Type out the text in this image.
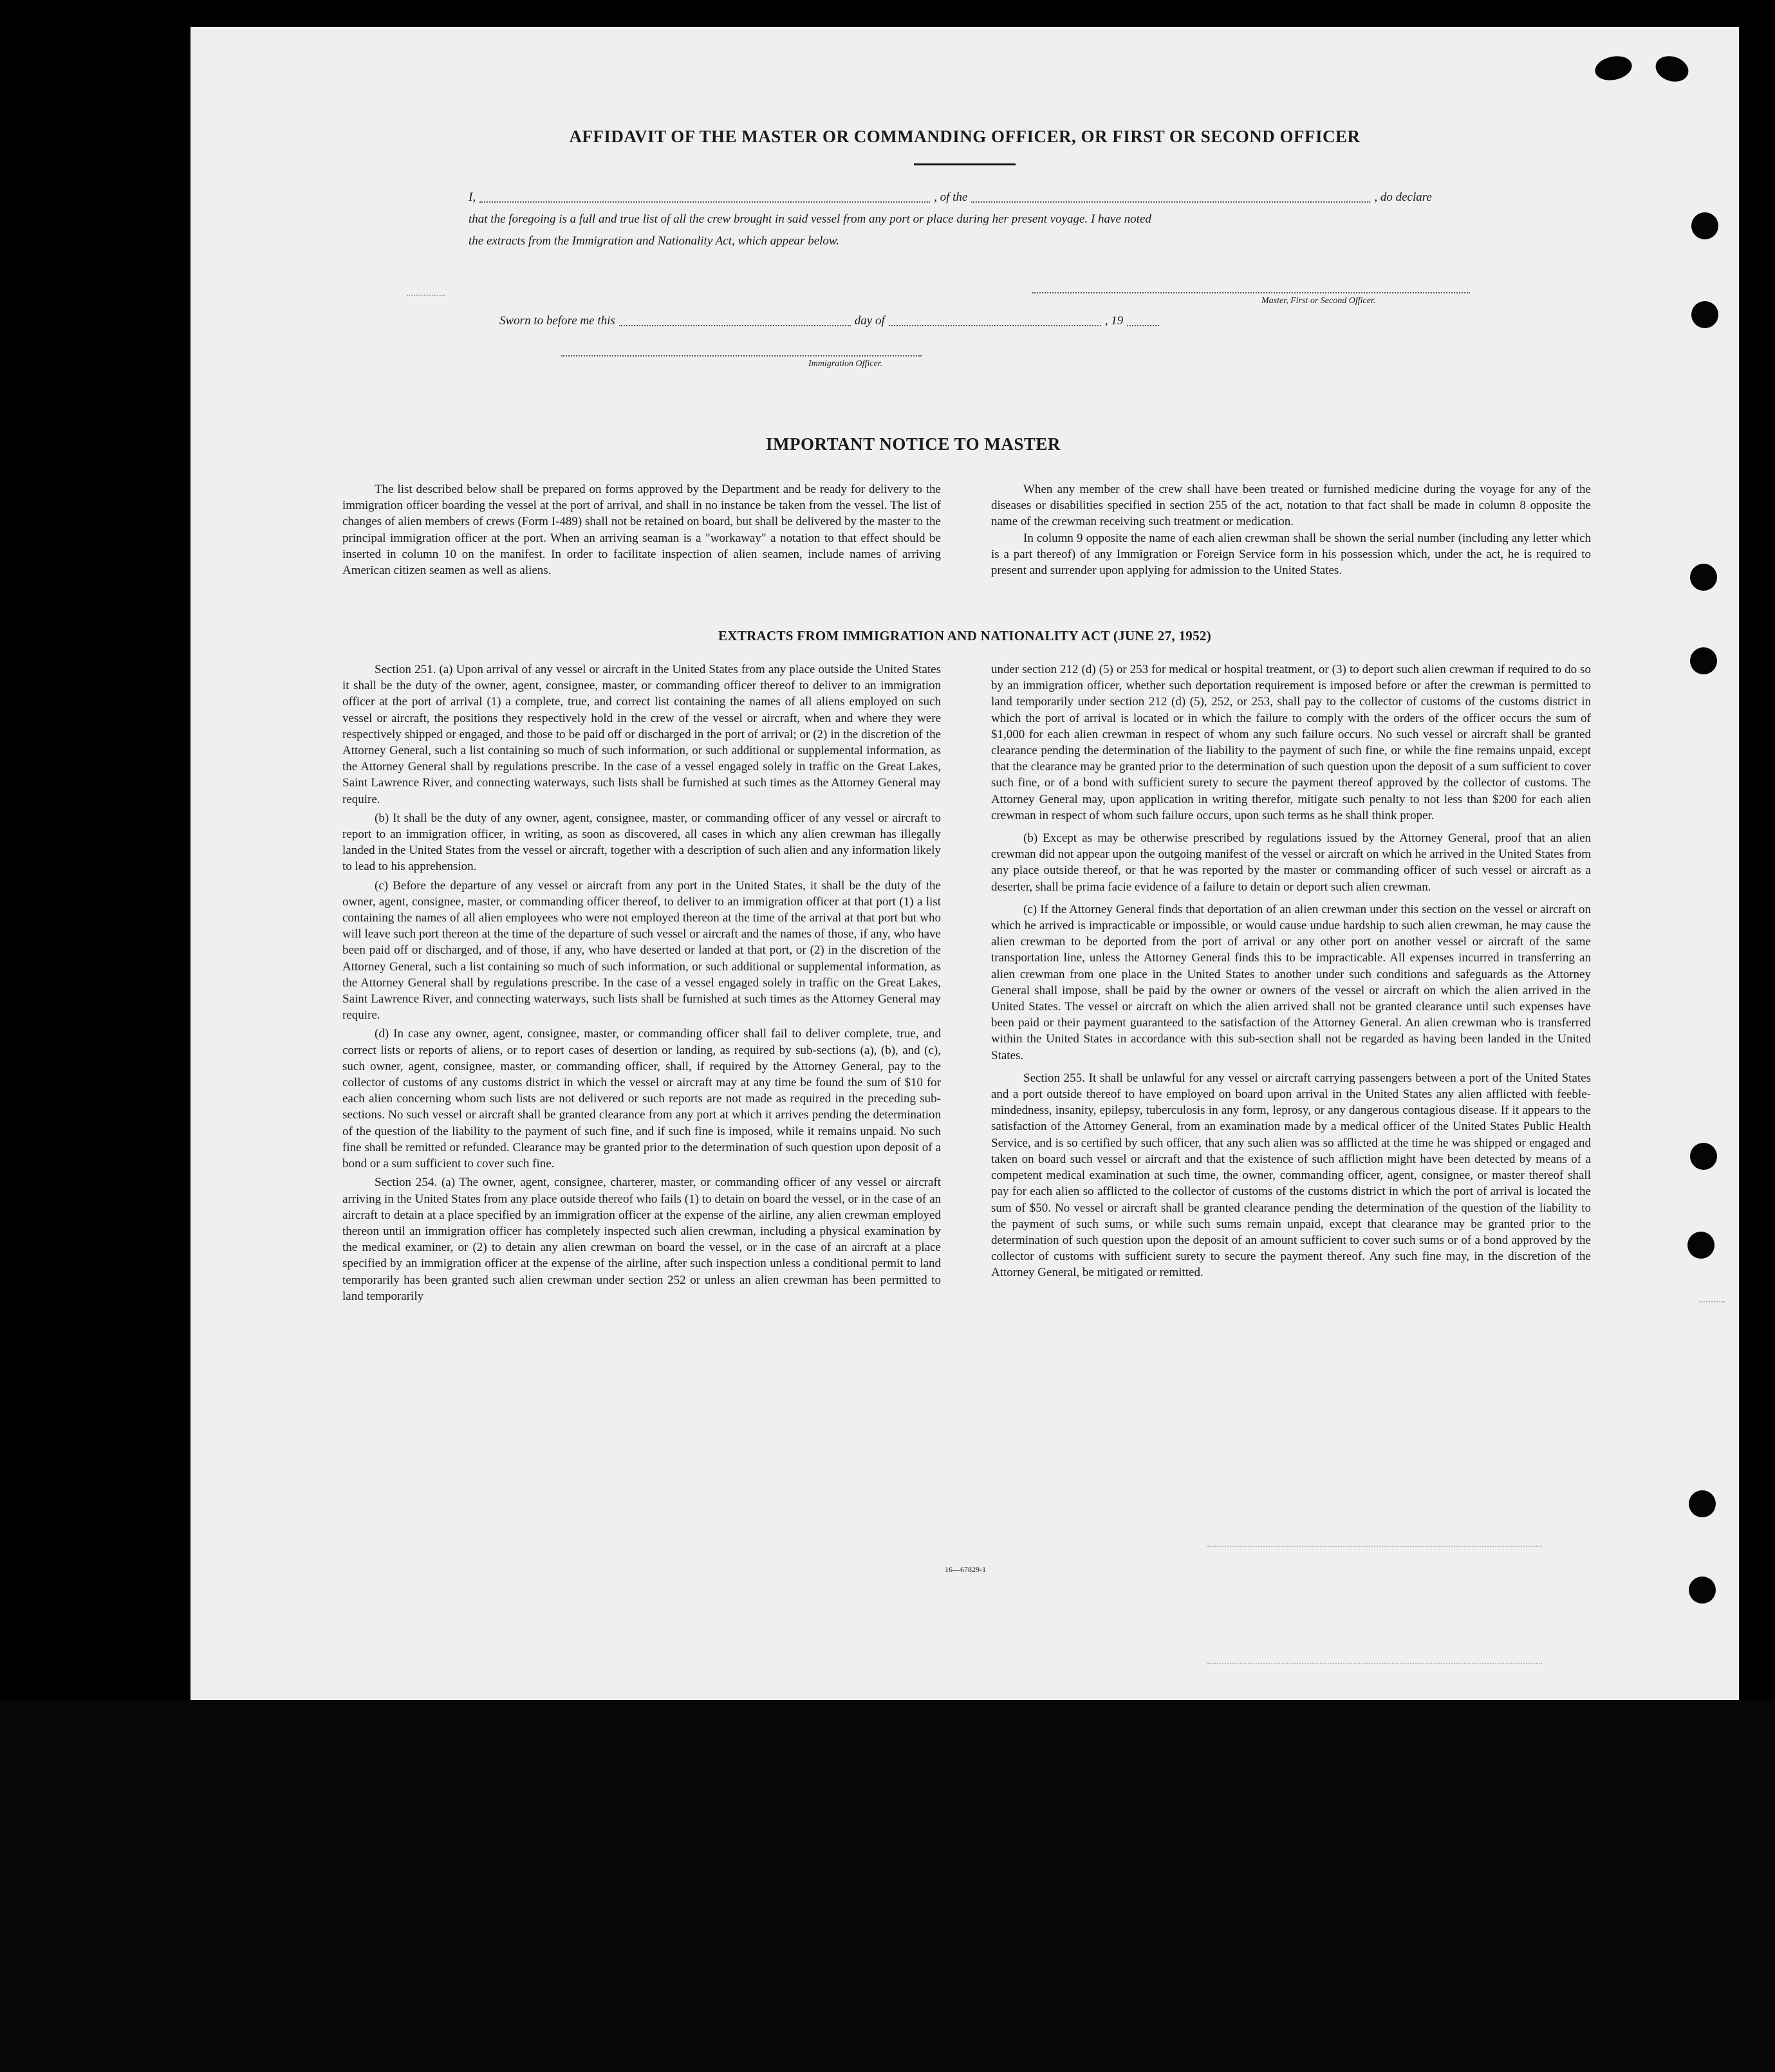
AFFIDAVIT OF THE MASTER OR COMMANDING OFFICER, OR FIRST OR SECOND OFFICER
I,	, of the	, do declare
that the foregoing is a full and true list of all the crew brought in said vessel from any port or place during her present voyage. I have noted
the extracts from the Immigration and Nationality Act, which appear below.
Master, First or Second Officer.
Sworn to before me this	day of	, 19
Immigration Officer.
IMPORTANT NOTICE TO MASTER

The list described below shall be prepared on forms approved by the Department and be ready for delivery to the immigration officer boarding the vessel at the port of arrival, and shall in no instance be taken from the vessel. The list of changes of alien members of crews (Form I-489) shall not be retained on board, but shall be delivered by the master to the principal immigration officer at the port. When an arriving seaman is a "workaway" a notation to that effect should be inserted in column 10 on the manifest. In order to facilitate inspection of alien seamen, include names of arriving American citizen seamen as well as aliens.

When any member of the crew shall have been treated or furnished medicine during the voyage for any of the diseases or disabilities specified in section 255 of the act, notation to that fact shall be made in column 8 opposite the name of the crewman receiving such treatment or medication.

In column 9 opposite the name of each alien crewman shall be shown the serial number (including any letter which is a part thereof) of any Immigration or Foreign Service form in his possession which, under the act, he is required to present and surrender upon applying for admission to the United States.

EXTRACTS FROM IMMIGRATION AND NATIONALITY ACT (JUNE 27, 1952)

Section 251. (a) Upon arrival of any vessel or aircraft in the United States from any place outside the United States it shall be the duty of the owner, agent, consignee, master, or commanding officer thereof to deliver to an immigration officer at the port of arrival (1) a complete, true, and correct list containing the names of all aliens employed on such vessel or aircraft, the positions they respectively hold in the crew of the vessel or aircraft, when and where they were respectively shipped or engaged, and those to be paid off or discharged in the port of arrival; or (2) in the discretion of the Attorney General, such a list containing so much of such information, or such additional or supplemental information, as the Attorney General shall by regulations prescribe. In the case of a vessel engaged solely in traffic on the Great Lakes, Saint Lawrence River, and connecting waterways, such lists shall be furnished at such times as the Attorney General may require.

(b) It shall be the duty of any owner, agent, consignee, master, or commanding officer of any vessel or aircraft to report to an immigration officer, in writing, as soon as discovered, all cases in which any alien crewman has illegally landed in the United States from the vessel or aircraft, together with a description of such alien and any information likely to lead to his apprehension.

(c) Before the departure of any vessel or aircraft from any port in the United States, it shall be the duty of the owner, agent, consignee, master, or commanding officer thereof, to deliver to an immigration officer at that port (1) a list containing the names of all alien employees who were not employed thereon at the time of the arrival at that port but who will leave such port thereon at the time of the departure of such vessel or aircraft and the names of those, if any, who have been paid off or discharged, and of those, if any, who have deserted or landed at that port, or (2) in the discretion of the Attorney General, such a list containing so much of such information, or such additional or supplemental information, as the Attorney General shall by regulations prescribe. In the case of a vessel engaged solely in traffic on the Great Lakes, Saint Lawrence River, and connecting waterways, such lists shall be furnished at such times as the Attorney General may require.

(d) In case any owner, agent, consignee, master, or commanding officer shall fail to deliver complete, true, and correct lists or reports of aliens, or to report cases of desertion or landing, as required by sub-sections (a), (b), and (c), such owner, agent, consignee, master, or commanding officer, shall, if required by the Attorney General, pay to the collector of customs of any customs district in which the vessel or aircraft may at any time be found the sum of $10 for each alien concerning whom such lists are not delivered or such reports are not made as required in the preceding sub-sections. No such vessel or aircraft shall be granted clearance from any port at which it arrives pending the determination of the question of the liability to the payment of such fine, and if such fine is imposed, while it remains unpaid. No such fine shall be remitted or refunded. Clearance may be granted prior to the determination of such question upon deposit of a bond or a sum sufficient to cover such fine.

Section 254. (a) The owner, agent, consignee, charterer, master, or commanding officer of any vessel or aircraft arriving in the United States from any place outside thereof who fails (1) to detain on board the vessel, or in the case of an aircraft to detain at a place specified by an immigration officer at the expense of the airline, any alien crewman employed thereon until an immigration officer has completely inspected such alien crewman, including a physical examination by the medical examiner, or (2) to detain any alien crewman on board the vessel, or in the case of an aircraft at a place specified by an immigration officer at the expense of the airline, after such inspection unless a conditional permit to land temporarily has been granted such alien crewman under section 252 or unless an alien crewman has been permitted to land temporarily

under section 212 (d) (5) or 253 for medical or hospital treatment, or (3) to deport such alien crewman if required to do so by an immigration officer, whether such deportation requirement is imposed before or after the crewman is permitted to land temporarily under section 212 (d) (5), 252, or 253, shall pay to the collector of customs of the customs district in which the port of arrival is located or in which the failure to comply with the orders of the officer occurs the sum of $1,000 for each alien crewman in respect of whom any such failure occurs. No such vessel or aircraft shall be granted clearance pending the determination of the liability to the payment of such fine, or while the fine remains unpaid, except that the clearance may be granted prior to the determination of such question upon the deposit of a sum sufficient to cover such fine, or of a bond with sufficient surety to secure the payment thereof approved by the collector of customs. The Attorney General may, upon application in writing therefor, mitigate such penalty to not less than $200 for each alien crewman in respect of whom such failure occurs, upon such terms as he shall think proper.

(b) Except as may be otherwise prescribed by regulations issued by the Attorney General, proof that an alien crewman did not appear upon the outgoing manifest of the vessel or aircraft on which he arrived in the United States from any place outside thereof, or that he was reported by the master or commanding officer of such vessel or aircraft as a deserter, shall be prima facie evidence of a failure to detain or deport such alien crewman.

(c) If the Attorney General finds that deportation of an alien crewman under this section on the vessel or aircraft on which he arrived is impracticable or impossible, or would cause undue hardship to such alien crewman, he may cause the alien crewman to be deported from the port of arrival or any other port on another vessel or aircraft of the same transportation line, unless the Attorney General finds this to be impracticable. All expenses incurred in transferring an alien crewman from one place in the United States to another under such conditions and safeguards as the Attorney General shall impose, shall be paid by the owner or owners of the vessel or aircraft on which the alien arrived in the United States. The vessel or aircraft on which the alien arrived shall not be granted clearance until such expenses have been paid or their payment guaranteed to the satisfaction of the Attorney General. An alien crewman who is transferred within the United States in accordance with this sub-section shall not be regarded as having been landed in the United States.

Section 255. It shall be unlawful for any vessel or aircraft carrying passengers between a port of the United States and a port outside thereof to have employed on board upon arrival in the United States any alien afflicted with feeble-mindedness, insanity, epilepsy, tuberculosis in any form, leprosy, or any dangerous contagious disease. If it appears to the satisfaction of the Attorney General, from an examination made by a medical officer of the United States Public Health Service, and is so certified by such officer, that any such alien was so afflicted at the time he was shipped or engaged and taken on board such vessel or aircraft and that the existence of such affliction might have been detected by means of a competent medical examination at such time, the owner, commanding officer, agent, consignee, or master thereof shall pay for each alien so afflicted to the collector of customs of the customs district in which the port of arrival is located the sum of $50. No vessel or aircraft shall be granted clearance pending the determination of the question of the liability to the payment of such sums, or while such sums remain unpaid, except that clearance may be granted prior to the determination of such question upon the deposit of an amount sufficient to cover such sums or of a bond approved by the collector of customs with sufficient surety to secure the payment thereof. Any such fine may, in the discretion of the Attorney General, be mitigated or remitted.

16—67829-1
